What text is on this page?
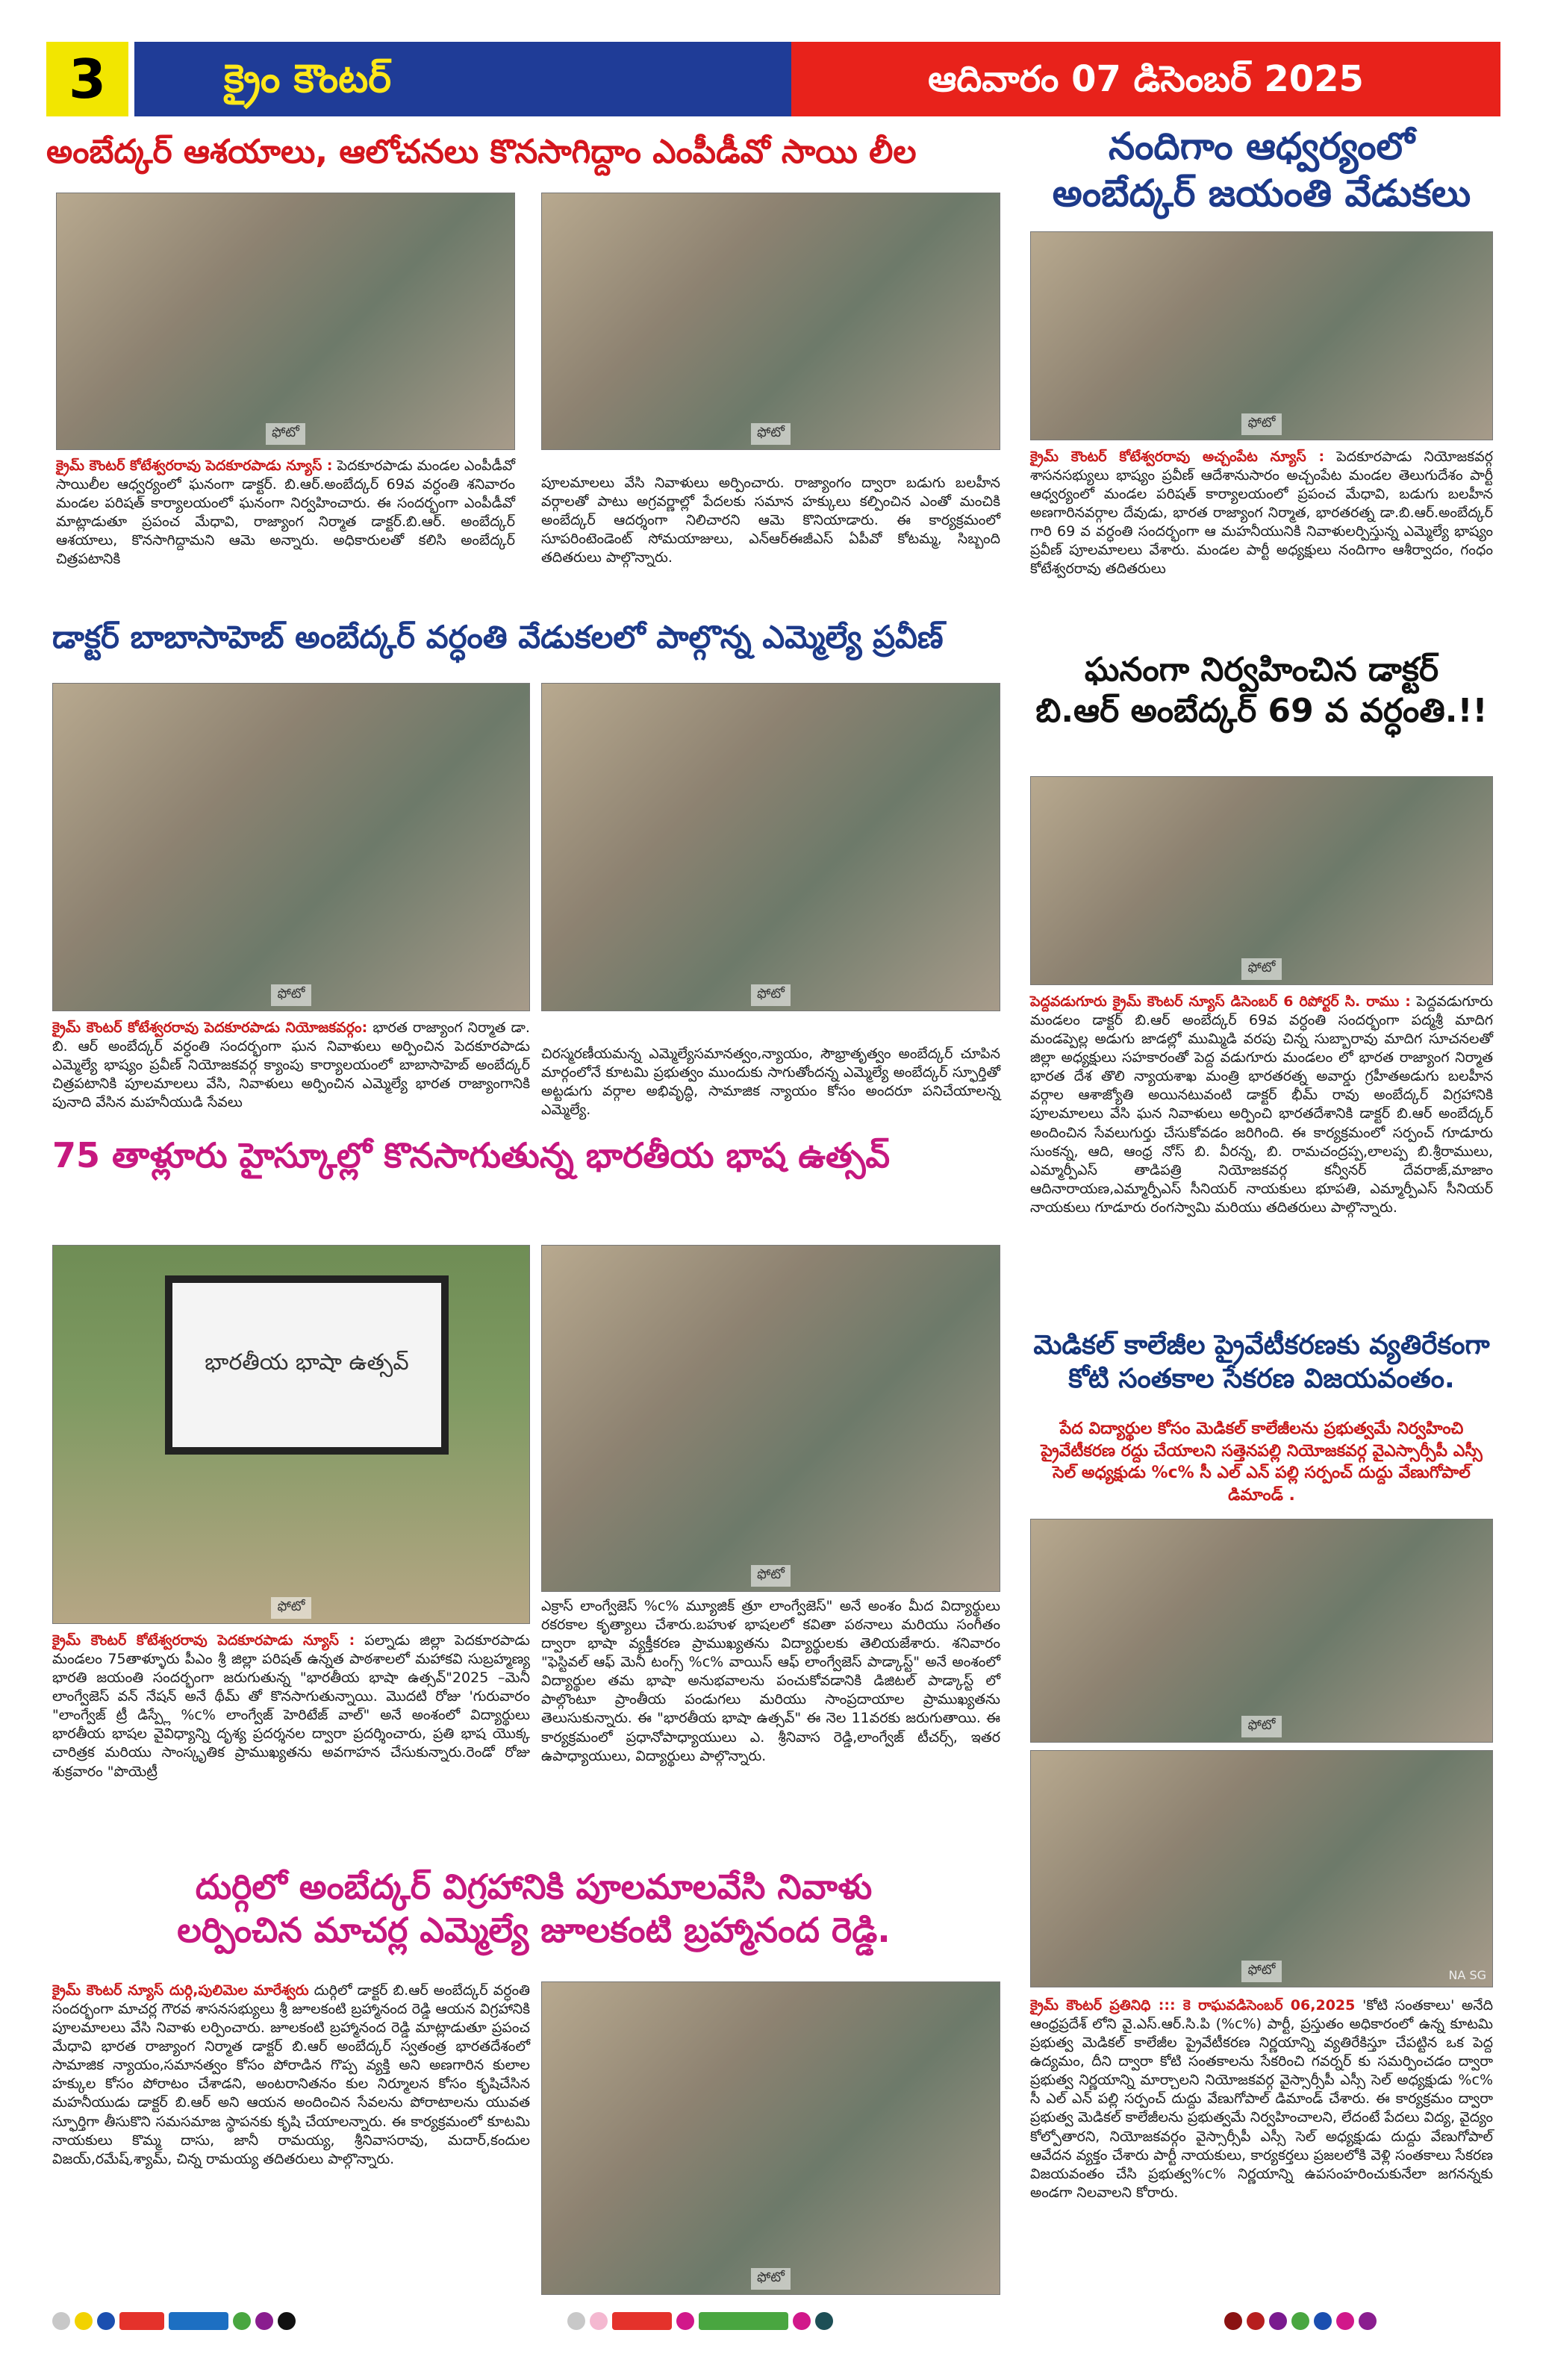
3	క్రైం కౌంటర్	ఆదివారం 07 డిసెంబర్ 2025
అంబేద్కర్ ఆశయాలు, ఆలోచనలు కొనసాగిద్దాం ఎంపీడీవో సాయి లీల
ఫోటో	ఫోటో
క్రైమ్ కౌంటర్ కోటేశ్వరరావు పెదకూరపాడు న్యూస్ : పెదకూరపాడు మండల ఎంపీడీవో సాయిలీల ఆధ్వర్యంలో ఘనంగా డాక్టర్. బి.ఆర్.అంబేద్కర్ 69వ వర్ధంతి శనివారం మండల పరిషత్ కార్యాలయంలో ఘనంగా నిర్వహించారు. ఈ సందర్భంగా ఎంపీడీవో మాట్లాడుతూ ప్రపంచ మేధావి, రాజ్యాంగ నిర్మాత డాక్టర్.బి.ఆర్. అంబేద్కర్ ఆశయాలు, కొనసాగిద్దామని ఆమె అన్నారు. అధికారులతో కలిసి అంబేద్కర్ చిత్రపటానికి
పూలమాలలు వేసి నివాళులు అర్పించారు. రాజ్యాంగం ద్వారా బడుగు బలహీన వర్గాలతో పాటు అగ్రవర్ణాల్లో పేదలకు సమాన హక్కులు కల్పించిన ఎంతో మంచికి అంబేద్కర్ ఆదర్శంగా నిలిచారని ఆమె కొనియాడారు. ఈ కార్యక్రమంలో సూపరింటెండెంట్ సోమయాజులు, ఎన్ఆర్ఈజీఎస్ ఏపీవో కోటమ్మ, సిబ్బంది తదితరులు పాల్గొన్నారు.
నందిగాం ఆధ్వర్యంలో
అంబేద్కర్ జయంతి వేడుకలు
ఫోటో
క్రైమ్ కౌంటర్ కోటేశ్వరరావు అచ్చంపేట న్యూస్ : పెదకూరపాడు నియోజకవర్గ శాసనసభ్యులు భాష్యం ప్రవీణ్ ఆదేశానుసారం అచ్చంపేట మండల తెలుగుదేశం పార్టీ ఆధ్వర్యంలో మండల పరిషత్ కార్యాలయంలో ప్రపంచ మేధావి, బడుగు బలహీన అణగారినవర్గాల దేవుడు, భారత రాజ్యాంగ నిర్మాత, భారతరత్న డా.బి.ఆర్.అంబేద్కర్ గారి 69 వ వర్ధంతి సందర్భంగా ఆ మహనీయునికి నివాళులర్పిస్తున్న ఎమ్మెల్యే భాష్యం ప్రవీణ్ పూలమాలలు వేశారు. మండల పార్టీ అధ్యక్షులు నందిగాం ఆశీర్వాదం, గంధం కోటేశ్వరరావు తదితరులు
డాక్టర్ బాబాసాహెబ్ అంబేద్కర్ వర్ధంతి వేడుకలలో పాల్గొన్న ఎమ్మెల్యే ప్రవీణ్
ఫోటో	ఫోటో
క్రైమ్ కౌంటర్ కోటేశ్వరరావు పెదకూరపాడు నియోజకవర్గం: భారత రాజ్యాంగ నిర్మాత డా. బి. ఆర్ అంబేద్కర్ వర్ధంతి సందర్భంగా ఘన నివాళులు అర్పించిన పెదకూరపాడు ఎమ్మెల్యే భాష్యం ప్రవీణ్ నియోజకవర్గ క్యాంపు కార్యాలయంలో బాబాసాహెబ్ అంబేద్కర్ చిత్రపటానికి పూలమాలలు వేసి, నివాళులు అర్పించిన ఎమ్మెల్యే భారత రాజ్యాంగానికి పునాది వేసిన మహనీయుడి సేవలు
చిరస్మరణీయమన్న ఎమ్మెల్యేసమానత్వం,న్యాయం, సౌభ్రాతృత్వం అంబేద్కర్ చూపిన మార్గంలోనే కూటమి ప్రభుత్వం ముందుకు సాగుతోందన్న ఎమ్మెల్యే అంబేద్కర్ స్ఫూర్తితో అట్టడుగు వర్గాల అభివృద్ధి, సామాజిక న్యాయం కోసం అందరూ పనిచేయాలన్న ఎమ్మెల్యే.
ఘనంగా నిర్వహించిన డాక్టర్
బి.ఆర్ అంబేద్కర్ 69 వ వర్ధంతి.!!
ఫోటో
పెద్దవడుగూరు క్రైమ్ కౌంటర్ న్యూస్ డిసెంబర్ 6 రిపోర్టర్ సి. రాము : పెద్దవడుగూరు మండలం డాక్టర్ బి.ఆర్ అంబేద్కర్ 69వ వర్ధంతి సందర్భంగా పద్మశ్రీ మాదిగ మండప్పెల్ల అడుగు జాడల్లో ముమ్మిడి వరపు చిన్న సుబ్బారావు మాదిగ సూచనలతో జిల్లా అధ్యక్షులు సహకారంతో పెద్ద వడుగూరు మండలం లో భారత రాజ్యాంగ నిర్మాత భారత దేశ తొలి న్యాయశాఖ మంత్రి భారతరత్న అవార్డు గ్రహీతఅడుగు బలహీన వర్గాల ఆశాజ్యోతి అయినటువంటి డాక్టర్ భీమ్ రావు అంబేద్కర్ విగ్రహానికి పూలమాలలు వేసి ఘన నివాళులు అర్పించి భారతదేశానికి డాక్టర్ బి.ఆర్ అంబేద్కర్ అందించిన సేవలుగుర్తు చేసుకోవడం జరిగింది. ఈ కార్యక్రమంలో సర్పంచ్ గూడూరు సుంకన్న, ఆది, ఆంధ్ర నోస్ బి. వీరన్న, బి. రామచంద్రప్ప,లాలప్ప బి.శ్రీరాములు, ఎమ్మార్పీఎస్ తాడిపత్రి నియోజకవర్గ కన్వీనర్ దేవరాజ్,మాజాం ఆదినారాయణ,ఎమ్మార్పీఎస్ సీనియర్ నాయకులు భూపతి, ఎమ్మార్పీఎస్ సీనియర్ నాయకులు గూడూరు రంగస్వామి మరియు తదితరులు పాల్గొన్నారు.
75 తాళ్లూరు హైస్కూల్లో కొనసాగుతున్న భారతీయ భాష ఉత్సవ్
భారతీయ భాషా ఉత్సవ్
ఫోటో
ఫోటో
క్రైమ్ కౌంటర్ కోటేశ్వరరావు పెదకూరపాడు న్యూస్ : పల్నాడు జిల్లా పెదకూరపాడు మండలం 75తాళ్ళూరు పీఎం శ్రీ జిల్లా పరిషత్ ఉన్నత పాఠశాలలో మహాకవి సుబ్రహ్మణ్య భారతి జయంతి సందర్భంగా జరుగుతున్న "భారతీయ భాషా ఉత్సవ్"2025 –మెనీ లాంగ్వేజెస్ వన్ నేషన్ అనే థీమ్ తో కొనసాగుతున్నాయి. మొదటి రోజు 'గురువారం "లాంగ్వేజ్ ట్రీ డిస్ప్లే %c% లాంగ్వేజ్ హెరిటేజ్ వాల్" అనే అంశంలో విద్యార్థులు భారతీయ భాషల వైవిధ్యాన్ని దృశ్య ప్రదర్శనల ద్వారా ప్రదర్శించారు, ప్రతి భాష యొక్క చారిత్రక మరియు సాంస్కృతిక ప్రాముఖ్యతను అవగాహన చేసుకున్నారు.రెండో రోజు శుక్రవారం "పొయెట్రీ
ఎక్రాస్ లాంగ్వేజెస్ %c% మ్యూజిక్ త్రూ లాంగ్వేజెస్" అనే అంశం మీద విద్యార్థులు రకరకాల కృత్యాలు చేశారు.బహుళ భాషలలో కవితా పఠనాలు మరియు సంగీతం ద్వారా భాషా వ్యక్తీకరణ ప్రాముఖ్యతను విద్యార్థులకు తెలియజేశారు. శనివారం "ఫెస్టివల్ ఆఫ్ మెనీ టంగ్స్ %c% వాయిస్ ఆఫ్ లాంగ్వేజెస్ పాడ్కాస్ట్" అనే అంశంలో విద్యార్థుల తమ భాషా అనుభవాలను పంచుకోవడానికి డిజిటల్ పాడ్కాస్ట్ లో పాల్గొంటూ ప్రాంతీయ పండుగలు మరియు సాంప్రదాయాల ప్రాముఖ్యతను తెలుసుకున్నారు. ఈ "భారతీయ భాషా ఉత్సవ్" ఈ నెల 11వరకు జరుగుతాయి. ఈ కార్యక్రమంలో ప్రధానోపాధ్యాయులు ఎ. శ్రీనివాస రెడ్డి,లాంగ్వేజ్ టీచర్స్, ఇతర ఉపాధ్యాయులు, విద్యార్థులు పాల్గొన్నారు.
మెడికల్ కాలేజీల ప్రైవేటీకరణకు వ్యతిరేకంగా
కోటి సంతకాల సేకరణ విజయవంతం.
పేద విద్యార్థుల కోసం మెడికల్ కాలేజీలను ప్రభుత్వమే నిర్వహించి ప్రైవేటీకరణ రద్దు చేయాలని సత్తెనపల్లి నియోజకవర్గ వైఎస్సార్సీపీ ఎస్సీ సెల్ అధ్యక్షుడు %c% సీ ఎల్ ఎన్ పల్లి సర్పంచ్ దుద్దు వేణుగోపాల్ డిమాండ్ .
ఫోటో
ఫోటో	NA SG
క్రైమ్ కౌంటర్ ప్రతినిధి ::: కె రాఘవడిసెంబర్ 06,2025 'కోటి సంతకాలు' అనేది ఆంధ్రప్రదేశ్ లోని వై.ఎస్.ఆర్.సి.పి (%c%) పార్టీ, ప్రస్తుతం అధికారంలో ఉన్న కూటమి ప్రభుత్వ మెడికల్ కాలేజీల ప్రైవేటీకరణ నిర్ణయాన్ని వ్యతిరేకిస్తూ చేపట్టిన ఒక పెద్ద ఉద్యమం, దీని ద్వారా కోటి సంతకాలను సేకరించి గవర్నర్ కు సమర్పించడం ద్వారా ప్రభుత్వ నిర్ణయాన్ని మార్చాలని నియోజకవర్గ వైస్సార్సీపీ ఎస్సీ సెల్ అధ్యక్షుడు %c% సీ ఎల్ ఎన్ పల్లి సర్పంచ్ దుద్దు వేణుగోపాల్ డిమాండ్ చేశారు. ఈ కార్యక్రమం ద్వారా ప్రభుత్వ మెడికల్ కాలేజీలను ప్రభుత్వమే నిర్వహించాలని, లేదంటే పేదలు విద్య, వైద్యం కోల్పోతారని, నియోజకవర్గం వైస్సార్సీపీ ఎస్సీ సెల్ అధ్యక్షుడు దుద్దు వేణుగోపాల్ ఆవేదన వ్యక్తం చేశారు పార్టీ నాయకులు, కార్యకర్తలు ప్రజలలోకి వెళ్లి సంతకాలు సేకరణ విజయవంతం చేసి ప్రభుత్వ%c% నిర్ణయాన్ని ఉపసంహరించుకునేలా జగనన్నకు అండగా నిలవాలని కోరారు.
దుర్గిలో అంబేద్కర్ విగ్రహానికి పూలమాలవేసి నివాళు
లర్పించిన మాచర్ల ఎమ్మెల్యే జూలకంటి బ్రహ్మానంద రెడ్డి.
క్రైమ్ కౌంటర్ న్యూస్ దుర్గి,పులిమెల మారేశ్వరు దుర్గిలో డాక్టర్ బి.ఆర్ అంబేద్కర్ వర్ధంతి సందర్భంగా మాచర్ల గౌరవ శాసనసభ్యులు శ్రీ జూలకంటి బ్రహ్మానంద రెడ్డి ఆయన విగ్రహానికి పూలమాలలు వేసి నివాళు లర్పించారు. జూలకంటి బ్రహ్మానంద రెడ్డి మాట్లాడుతూ ప్రపంచ మేధావి భారత రాజ్యాంగ నిర్మాత డాక్టర్ బి.ఆర్ అంబేద్కర్ స్వతంత్ర భారతదేశంలో సామాజిక న్యాయం,సమానత్వం కోసం పోరాడిన గొప్ప వ్యక్తి అని అణగారిన కులాల హక్కుల కోసం పోరాటం చేశాడని, అంటరానితనం కుల నిర్మూలన కోసం కృషిచేసిన మహనీయుడు డాక్టర్ బి.ఆర్ అని ఆయన అందించిన సేవలను పోరాటాలను యువత స్ఫూర్తిగా తీసుకొని సమసమాజ స్థాపనకు కృషి చేయాలన్నారు. ఈ కార్యక్రమంలో కూటమి నాయకులు కొమ్మ దాసు, జానీ రామయ్య, శ్రీనివాసరావు, మదార్,కందుల విజయ్,రమేష్,శ్యామ్, చిన్న రామయ్య తదితరులు పాల్గొన్నారు.
ఫోటో
